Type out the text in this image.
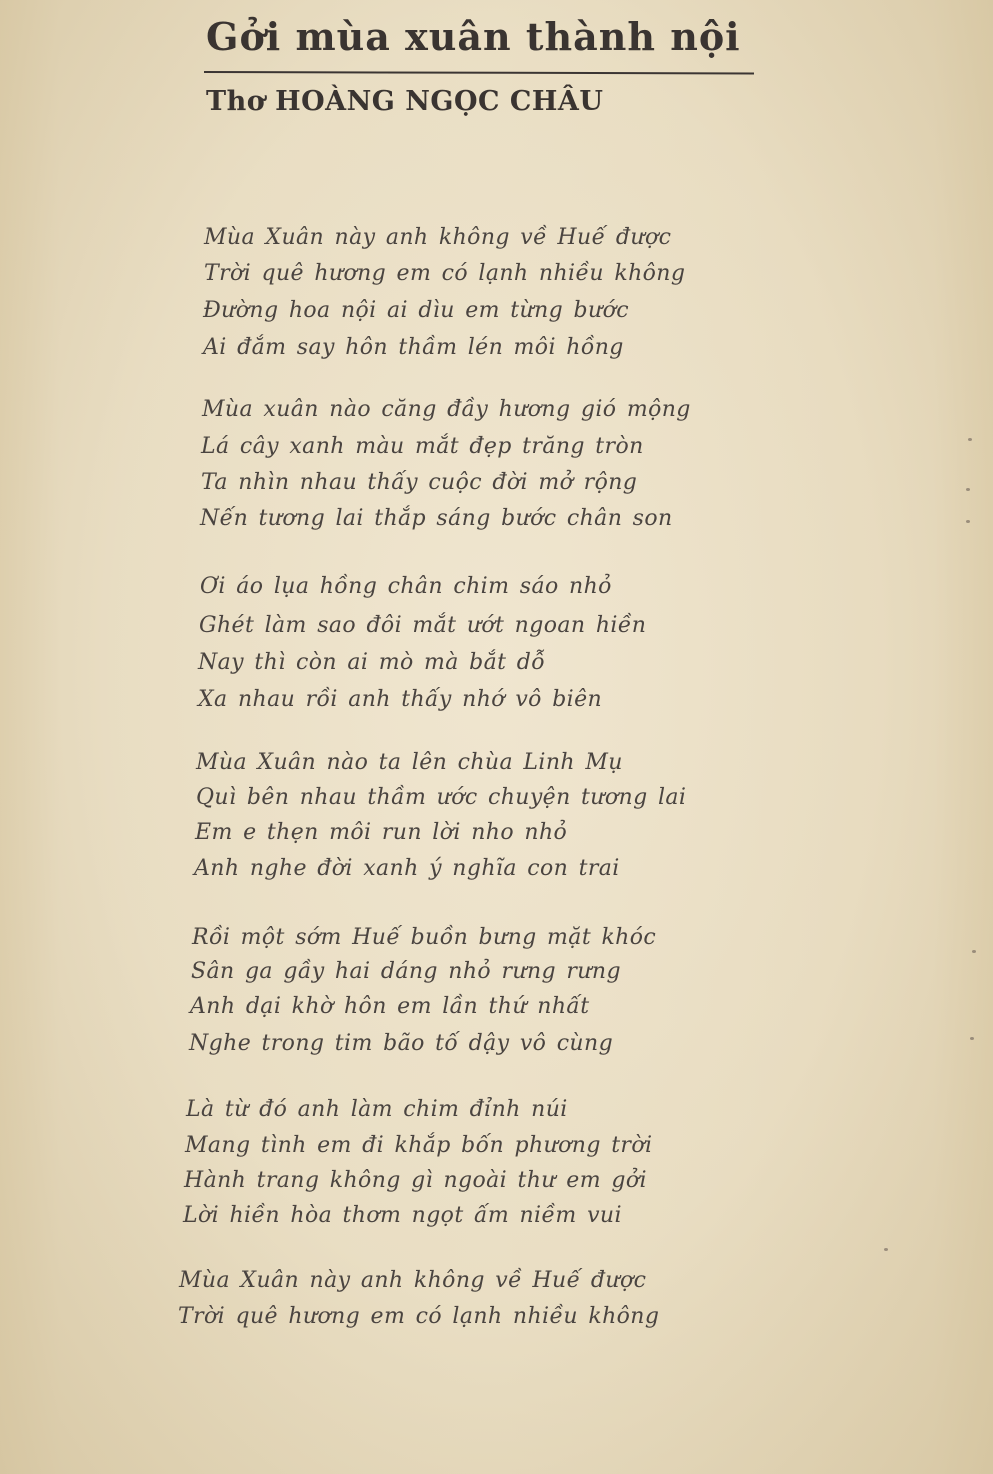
Gởi mùa xuân thành nội
Thơ HOÀNG NGỌC CHÂU

Mùa Xuân này anh không về Huế được

Trời quê hương em có lạnh nhiều không

Đường hoa nội ai dìu em từng bước

Ai đắm say hôn thầm lén môi hồng

Mùa xuân nào căng đầy hương gió mộng

Lá cây xanh màu mắt đẹp trăng tròn

Ta nhìn nhau thấy cuộc đời mở rộng

Nến tương lai thắp sáng bước chân son

Ơi áo lụa hồng chân chim sáo nhỏ

Ghét làm sao đôi mắt ướt ngoan hiền

Nay thì còn ai mò mà bắt dỗ

Xa nhau rồi anh thấy nhớ vô biên

Mùa Xuân nào ta lên chùa Linh Mụ

Quì bên nhau thầm ước chuyện tương lai

Em e thẹn môi run lời nho nhỏ

Anh nghe đời xanh ý nghĩa con trai

Rồi một sớm Huế buồn bưng mặt khóc

Sân ga gầy hai dáng nhỏ rưng rưng

Anh dại khờ hôn em lần thứ nhất

Nghe trong tim bão tố dậy vô cùng

Là từ đó anh làm chim đỉnh núi

Mang tình em đi khắp bốn phương trời

Hành trang không gì ngoài thư em gởi

Lời hiền hòa thơm ngọt ấm niềm vui

Mùa Xuân này anh không về Huế được

Trời quê hương em có lạnh nhiều không
